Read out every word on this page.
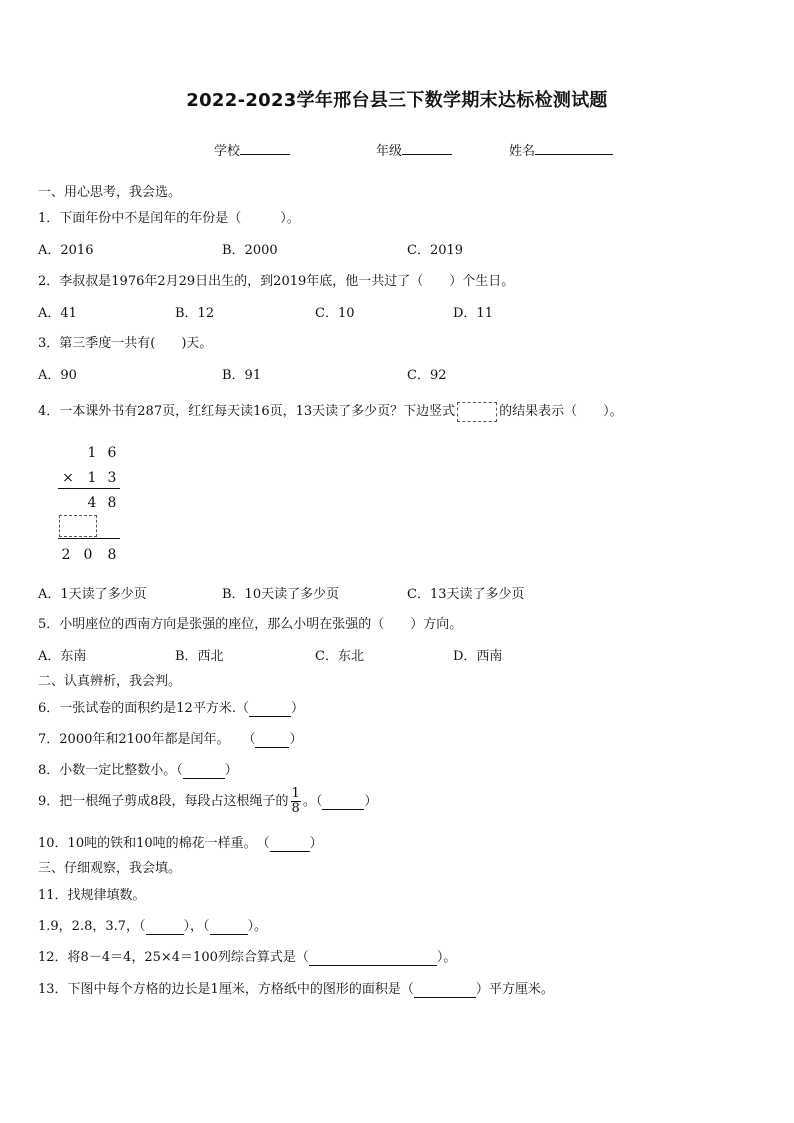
2022-2023学年邢台县三下数学期末达标检测试题
学校	年级	姓名
一、用心思考，我会选。
1．下面年份中不是闰年的年份是（　　　）。
A．2016	B．2000	C．2019
2．李叔叔是1976年2月29日出生的，到2019年底，他一共过了（　　）个生日。
A．41	B．12	C．10	D．11
3．第三季度一共有(　　)天。
A．90	B．91	C．92
4．一本课外书有287页，红红每天读16页，13天读了多少页？下边竖式	的结果表示（　　）。
1 6
× 1 3
4 8
2 0 8
A．1天读了多少页	B．10天读了多少页	C．13天读了多少页
5．小明座位的西南方向是张强的座位，那么小明在张强的（　　）方向。
A．东南	B．西北	C．东北	D．西南
二、认真辨析，我会判。
6．一张试卷的面积约是12平方米.（	）
7．2000年和2100年都是闰年。　　（	）
8．小数一定比整数小。（	）
9．把一根绳子剪成8段，每段占这根绳子的 $\frac{1}{8}$ 。（	）
10．10吨的铁和10吨的棉花一样重。　（	）
三、仔细观察，我会填。
11．找规律填数。
1.9，2.8，3.7，（	），（	）。
12．将8－4＝4，25×4＝100列综合算式是（	）。
13．下图中每个方格的边长是1厘米，方格纸中的图形的面积是（	）平方厘米。
